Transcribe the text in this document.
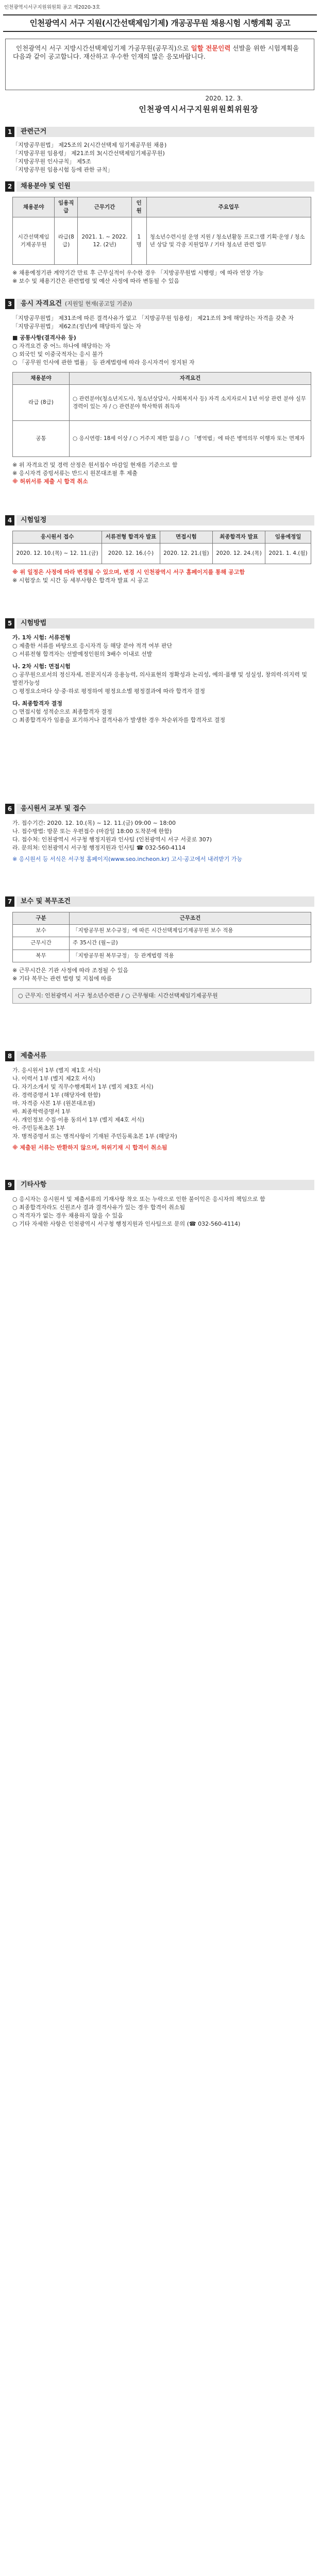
인천광역시서구지원위원회 공고 제2020-3호
인천광역시 서구 지원(시간선택제임기제) 개공공무원 채용시험 시행계획 공고

인천광역시 서구 지방시간선택제임기제 가공무원(공무직)으로 일할 전문인력 선발을 위한 시험계획을 다음과 같이 공고합니다. 재산하고 우수한 인재의 많은 응모바랍니다.

2020. 12. 3.
인천광역시서구지원위원회위원장
1	관련근거
「지방공무원법」 제25조의 2(시간선택제 임기제공무원 채용)
「지방공무원 임용령」 제21조의 3(시간선택제임기제공무원)
「지방공무원 인사규칙」 제5조
「지방공무원 임용시험 등에 관한 규칙」
2	채용분야 및 인원
채용분야	임용직급	근무기간	인원	주요업무
시간선택제임기제공무원	라급(8급)	2021. 1. ~ 2022. 12. (2년)	1명	청소년수련시설 운영 지원 / 청소년활동 프로그램 기획·운영 / 청소년 상담 및 각종 지원업무 / 기타 청소년 관련 업무
※ 채용예정기관 계약기간 만료 후 근무실적이 우수한 경우 「지방공무원법 시행령」에 따라 연장 가능
※ 보수 및 채용기간은 관련법령 및 예산 사정에 따라 변동될 수 있음
3	응시 자격요건 (지원일 현재(공고일 기준))
「지방공무원법」 제31조에 따른 결격사유가 없고 「지방공무원 임용령」 제21조의 3에 해당하는 자격을 갖춘 자
「지방공무원법」 제62조(정년)에 해당하지 않는 자
■ 공통사항(결격사유 등)
○ 자격요건 중 어느 하나에 해당하는 자
○ 외국인 및 이중국적자는 응시 불가
○ 「공무원 인사에 관한 법률」 등 관계법령에 따라 응시자격이 정지된 자
채용분야	자격요건
라급 (8급)	○ 관련분야(청소년지도사, 청소년상담사, 사회복지사 등) 자격 소지자로서 1년 이상 관련 분야 실무경력이 있는 자 / ○ 관련분야 학사학위 취득자
공통	○ 응시연령: 18세 이상 / ○ 거주지 제한 없음 / ○ 「병역법」에 따른 병역의무 이행자 또는 면제자
※ 위 자격요건 및 경력 산정은 원서접수 마감일 현재를 기준으로 함
※ 응시자격 증빙서류는 반드시 원본대조필 후 제출
※ 허위서류 제출 시 합격 취소
4	시험일정
응시원서 접수	서류전형 합격자 발표	면접시험	최종합격자 발표	임용예정일
2020. 12. 10.(목) ~ 12. 11.(금)	2020. 12. 16.(수)	2020. 12. 21.(월)	2020. 12. 24.(목)	2021. 1. 4.(월)
※ 위 일정은 사정에 따라 변경될 수 있으며, 변경 시 인천광역시 서구 홈페이지를 통해 공고함
※ 시험장소 및 시간 등 세부사항은 합격자 발표 시 공고
5	시험방법
가. 1차 시험: 서류전형
○ 제출한 서류를 바탕으로 응시자격 등 해당 분야 적격 여부 판단
○ 서류전형 합격자는 선발예정인원의 3배수 이내로 선발
나. 2차 시험: 면접시험
○ 공무원으로서의 정신자세, 전문지식과 응용능력, 의사표현의 정확성과 논리성, 예의·품행 및 성실성, 창의력·의지력 및 발전가능성
○ 평정요소마다 상·중·하로 평정하여 평정요소별 평정결과에 따라 합격자 결정
다. 최종합격자 결정
○ 면접시험 성적순으로 최종합격자 결정
○ 최종합격자가 임용을 포기하거나 결격사유가 발생한 경우 차순위자를 합격자로 결정
6	응시원서 교부 및 접수
가. 접수기간: 2020. 12. 10.(목) ~ 12. 11.(금) 09:00 ~ 18:00
나. 접수방법: 방문 또는 우편접수 (마감일 18:00 도착분에 한함)
다. 접수처: 인천광역시 서구청 행정지원과 인사팀 (인천광역시 서구 서곶로 307)
라. 문의처: 인천광역시 서구청 행정지원과 인사팀 ☎ 032-560-4114
※ 응시원서 등 서식은 서구청 홈페이지(www.seo.incheon.kr) 고시·공고에서 내려받기 가능
7	보수 및 복무조건
구분	근무조건
보수	「지방공무원 보수규정」에 따른 시간선택제임기제공무원 보수 적용
근무시간	주 35시간 (월~금)
복무	「지방공무원 복무규정」 등 관계법령 적용
※ 근무시간은 기관 사정에 따라 조정될 수 있음
※ 기타 복무는 관련 법령 및 지침에 따름
○ 근무지: 인천광역시 서구 청소년수련관 / ○ 근무형태: 시간선택제임기제공무원
8	제출서류
가. 응시원서 1부 (별지 제1호 서식)
나. 이력서 1부 (별지 제2호 서식)
다. 자기소개서 및 직무수행계획서 1부 (별지 제3호 서식)
라. 경력증명서 1부 (해당자에 한함)
마. 자격증 사본 1부 (원본대조필)
바. 최종학력증명서 1부
사. 개인정보 수집·이용 동의서 1부 (별지 제4호 서식)
아. 주민등록초본 1부
자. 병적증명서 또는 병적사항이 기재된 주민등록초본 1부 (해당자)
※ 제출된 서류는 반환하지 않으며, 허위기재 시 합격이 취소됨
9	기타사항
○ 응시자는 응시원서 및 제출서류의 기재사항 착오 또는 누락으로 인한 불이익은 응시자의 책임으로 함
○ 최종합격자라도 신원조사 결과 결격사유가 있는 경우 합격이 취소됨
○ 적격자가 없는 경우 채용하지 않을 수 있음
○ 기타 자세한 사항은 인천광역시 서구청 행정지원과 인사팀으로 문의 (☎ 032-560-4114)
